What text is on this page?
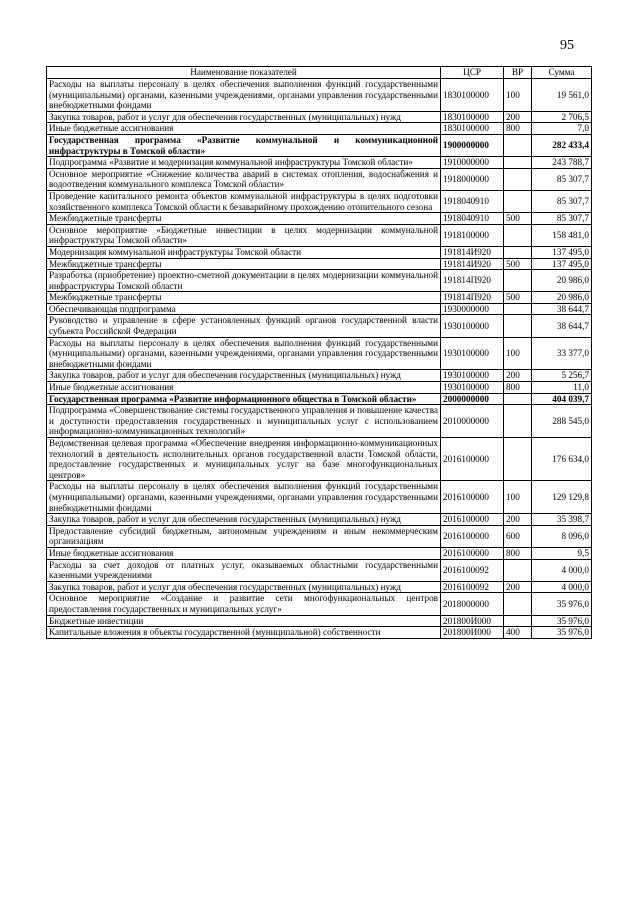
95
Наименование показателей	ЦСР	ВР	Сумма
Расходы на выплаты персоналу в целях обеспечения выполнения функций государственными (муниципальными) органами, казенными учреждениями, органами управления государственными внебюджетными фондами	1830100000	100	19 561,0
Закупка товаров, работ и услуг для обеспечения государственных (муниципальных) нужд	1830100000	200	2 706,5
Иные бюджетные ассигнования	1830100000	800	7,0
Государственная программа «Развитие коммунальной и коммуникационной инфраструктуры в Томской области»	1900000000		282 433,4
Подпрограмма «Развитие и модернизация коммунальной инфраструктуры Томской области»	1910000000		243 788,7
Основное мероприятие «Снижение количества аварий в системах отопления, водоснабжения и водоотведения коммунального комплекса Томской области»	1918000000		85 307,7
Проведение капитального ремонта объектов коммунальной инфраструктуры в целях подготовки хозяйственного комплекса Томской области к безаварийному прохождению отопительного сезона	1918040910		85 307,7
Межбюджетные трансферты	1918040910	500	85 307,7
Основное мероприятие «Бюджетные инвестиции в целях модернизации коммунальной инфраструктуры Томской области»	1918100000		158 481,0
Модернизация коммунальной инфраструктуры Томской области	191814И920		137 495,0
Межбюджетные трансферты	191814И920	500	137 495,0
Разработка (приобретение) проектно-сметной документации в целях модернизации коммунальной инфраструктуры Томской области	191814П920		20 986,0
Межбюджетные трансферты	191814П920	500	20 986,0
Обеспечивающая подпрограмма	1930000000		38 644,7
Руководство и управление в сфере установленных функций органов государственной власти субъекта Российской Федерации	1930100000		38 644,7
Расходы на выплаты персоналу в целях обеспечения выполнения функций государственными (муниципальными) органами, казенными учреждениями, органами управления государственными внебюджетными фондами	1930100000	100	33 377,0
Закупка товаров, работ и услуг для обеспечения государственных (муниципальных) нужд	1930100000	200	5 256,7
Иные бюджетные ассигнования	1930100000	800	11,0
Государственная программа «Развитие информационного общества в Томской области»	2000000000		404 039,7
Подпрограмма «Совершенствование системы государственного управления и повышение качества и доступности предоставления государственных и муниципальных услуг с использованием информационно-коммуникационных технологий»	2010000000		288 545,0
Ведомственная целевая программа «Обеспечение внедрения информационно-коммуникационных технологий в деятельность исполнительных органов государственной власти Томской области, предоставление государственных и муниципальных услуг на базе многофункциональных центров»	2016100000		176 634,0
Расходы на выплаты персоналу в целях обеспечения выполнения функций государственными (муниципальными) органами, казенными учреждениями, органами управления государственными внебюджетными фондами	2016100000	100	129 129,8
Закупка товаров, работ и услуг для обеспечения государственных (муниципальных) нужд	2016100000	200	35 398,7
Предоставление субсидий бюджетным, автономным учреждениям и иным некоммерческим организациям	2016100000	600	8 096,0
Иные бюджетные ассигнования	2016100000	800	9,5
Расходы за счет доходов от платных услуг, оказываемых областными государственными казенными учреждениями	2016100092		4 000,0
Закупка товаров, работ и услуг для обеспечения государственных (муниципальных) нужд	2016100092	200	4 000,0
Основное мероприятие «Создание и развитие сети многофункциональных центров предоставления государственных и муниципальных услуг»	2018000000		35 976,0
Бюджетные инвестиции	201800И000		35 976,0
Капитальные вложения в объекты государственной (муниципальной) собственности	201800И000	400	35 976,0
